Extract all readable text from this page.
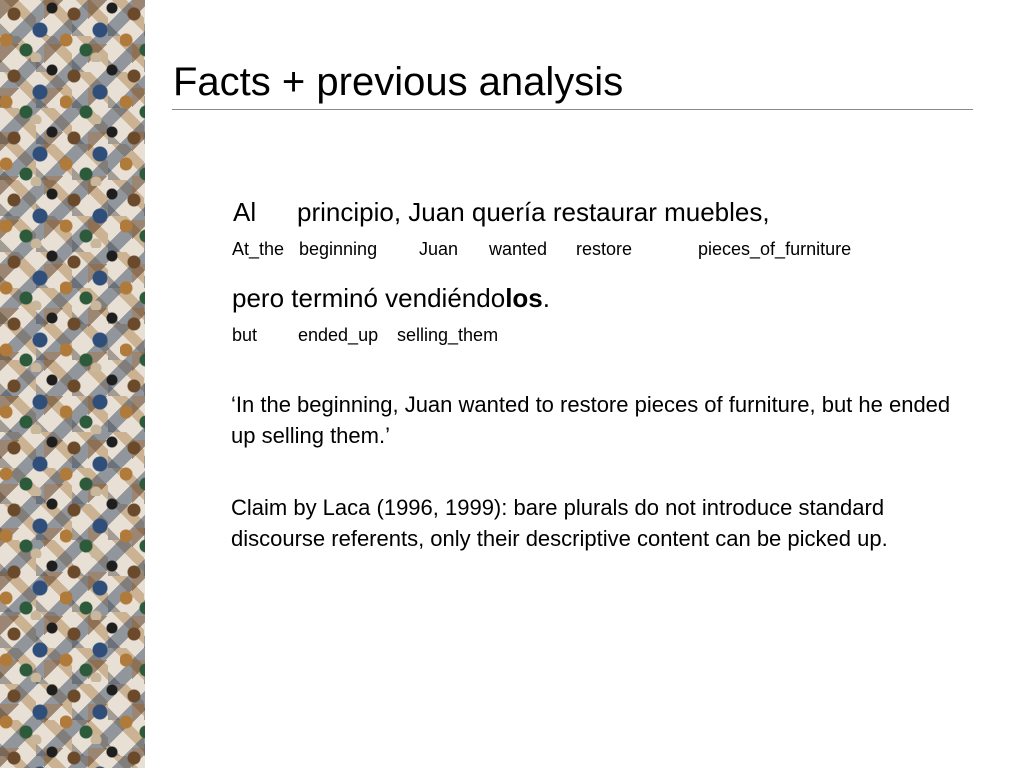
Facts + previous analysis
Al principio, Juan quería restaurar muebles,
At_the beginning Juan wanted restore	pieces_of_furniture
pero terminó vendiéndolos.
but ended_up selling_them

‘In the beginning, Juan wanted to restore pieces of furniture, but he ended up selling them.’

Claim by Laca (1996, 1999): bare plurals do not introduce standard discourse referents, only their descriptive content can be picked up.
